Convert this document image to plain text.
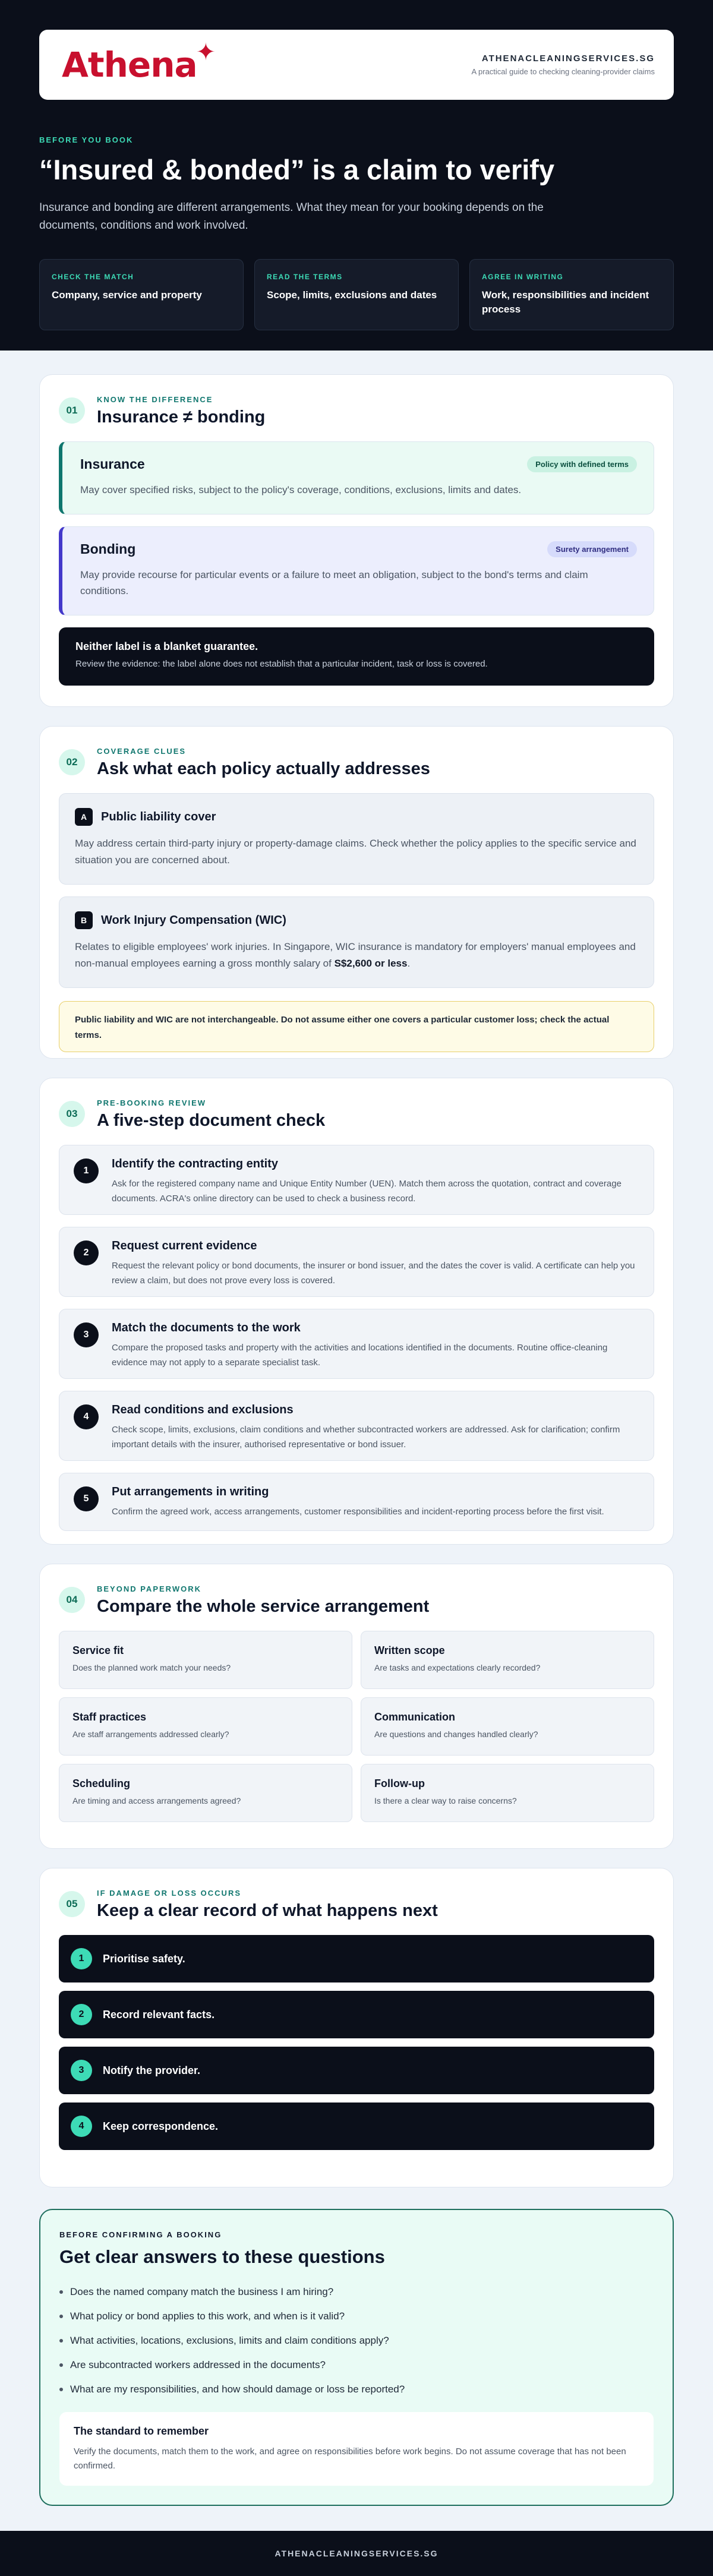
Athena
✦	ATHENACLEANINGSERVICES.SG
A practical guide to checking cleaning-provider claims
BEFORE YOU BOOK
“Insured & bonded” is a claim to verify

Insurance and bonding are different arrangements. What they mean for your booking depends on the documents, conditions and work involved.

CHECK THE MATCH
Company, service and property
READ THE TERMS
Scope, limits, exclusions and dates
AGREE IN WRITING
Work, responsibilities and incident process
01
KNOW THE DIFFERENCE
Insurance ≠ bonding
Insurance	Policy with defined terms

May cover specified risks, subject to the policy's coverage, conditions, exclusions, limits and dates.

Bonding	Surety arrangement

May provide recourse for particular events or a failure to meet an obligation, subject to the bond's terms and claim conditions.

Neither label is a blanket guarantee.
Review the evidence: the label alone does not establish that a particular incident, task or loss is covered.
02
COVERAGE CLUES
Ask what each policy actually addresses
A	Public liability cover

May address certain third-party injury or property-damage claims. Check whether the policy applies to the specific service and situation you are concerned about.

B	Work Injury Compensation (WIC)

Relates to eligible employees' work injuries. In Singapore, WIC insurance is mandatory for employers' manual employees and non-manual employees earning a gross monthly salary of S$2,600 or less.

Public liability and WIC are not interchangeable. Do not assume either one covers a particular customer loss; check the actual terms.
03
PRE-BOOKING REVIEW
A five-step document check
1
Identify the contracting entity

Ask for the registered company name and Unique Entity Number (UEN). Match them across the quotation, contract and coverage documents. ACRA's online directory can be used to check a business record.

2
Request current evidence

Request the relevant policy or bond documents, the insurer or bond issuer, and the dates the cover is valid. A certificate can help you review a claim, but does not prove every loss is covered.

3
Match the documents to the work

Compare the proposed tasks and property with the activities and locations identified in the documents. Routine office-cleaning evidence may not apply to a separate specialist task.

4
Read conditions and exclusions

Check scope, limits, exclusions, claim conditions and whether subcontracted workers are addressed. Ask for clarification; confirm important details with the insurer, authorised representative or bond issuer.

5
Put arrangements in writing

Confirm the agreed work, access arrangements, customer responsibilities and incident-reporting process before the first visit.

04
BEYOND PAPERWORK
Compare the whole service arrangement
Service fit
Does the planned work match your needs?
Written scope
Are tasks and expectations clearly recorded?
Staff practices
Are staff arrangements addressed clearly?
Communication
Are questions and changes handled clearly?
Scheduling
Are timing and access arrangements agreed?
Follow-up
Is there a clear way to raise concerns?
05
IF DAMAGE OR LOSS OCCURS
Keep a clear record of what happens next
1	Prioritise safety.
2	Record relevant facts.
3	Notify the provider.
4	Keep correspondence.
BEFORE CONFIRMING A BOOKING
Get clear answers to these questions
Does the named company match the business I am hiring?
What policy or bond applies to this work, and when is it valid?
What activities, locations, exclusions, limits and claim conditions apply?
Are subcontracted workers addressed in the documents?
What are my responsibilities, and how should damage or loss be reported?
The standard to remember

Verify the documents, match them to the work, and agree on responsibilities before work begins. Do not assume coverage that has not been confirmed.

ATHENACLEANINGSERVICES.SG
